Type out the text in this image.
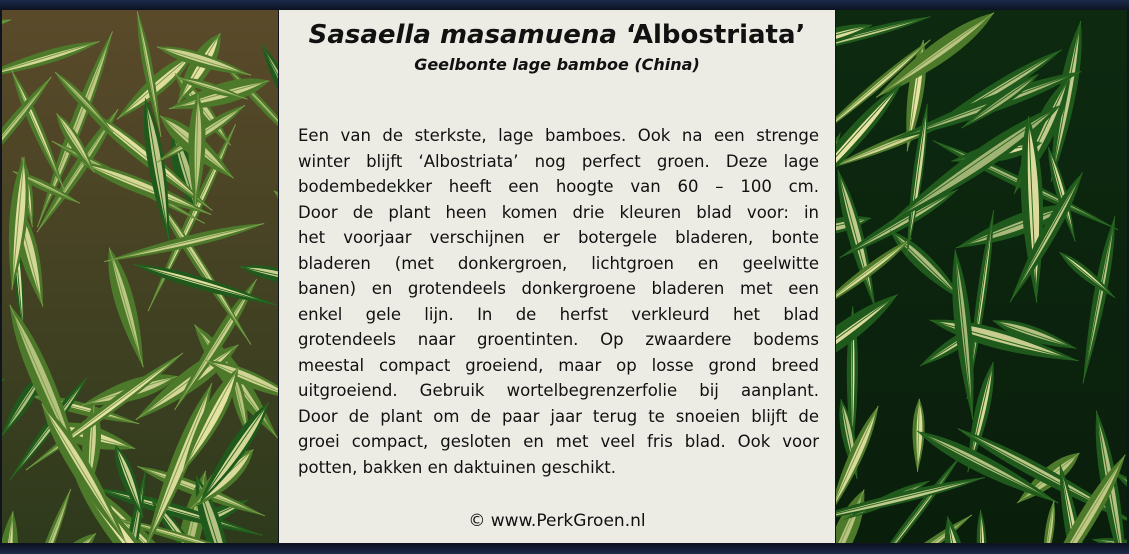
Sasaella masamuena ‘Albostriata’
Geelbonte lage bamboe (China)
Een van de sterkste, lage bamboes. Ook na een strenge
winter blijft ‘Albostriata’ nog perfect groen. Deze lage
bodembedekker heeft een hoogte van 60 – 100 cm.
Door de plant heen komen drie kleuren blad voor: in
het voorjaar verschijnen er botergele bladeren, bonte
bladeren (met donkergroen, lichtgroen en geelwitte
banen) en grotendeels donkergroene bladeren met een
enkel gele lijn. In de herfst verkleurd het blad
grotendeels naar groentinten. Op zwaardere bodems
meestal compact groeiend, maar op losse grond breed
uitgroeiend. Gebruik wortelbegrenzerfolie bij aanplant.
Door de plant om de paar jaar terug te snoeien blijft de
groei compact, gesloten en met veel fris blad. Ook voor
potten, bakken en daktuinen geschikt.
© www.PerkGroen.nl
